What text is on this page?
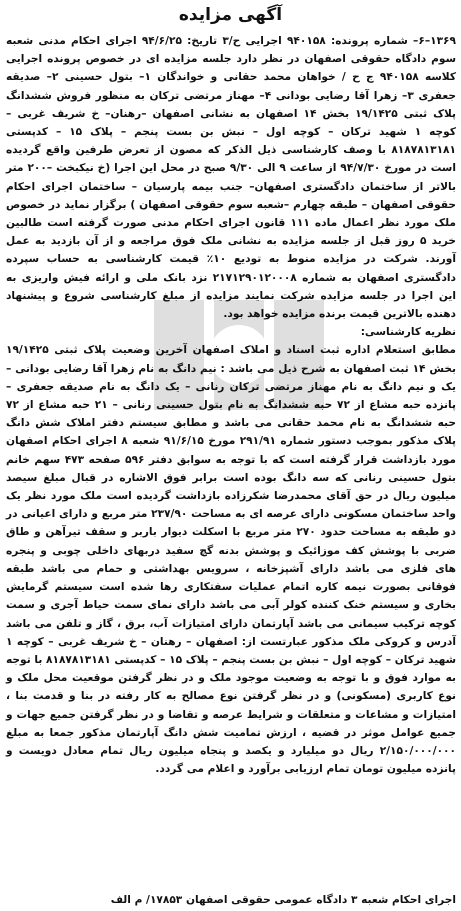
آگهی مزایده

۱۳۶۹–۶– شماره پرونده: ۹۴۰۱۵۸ اجرایی ح/۳ تاریخ: ۹۴/۶/۲۵ اجرای احکام مدنی شعبه سوم دادگاه حقوقی اصفهان در نظر دارد جلسه مزایده ای در خصوص پرونده اجرایی کلاسه ۹۴۰۱۵۸ ج ح / خواهان محمد حقانی و خواندگان ۱– بتول حسینی ۲– صدیقه جعفری ۳– زهرا آقا رضایی بودانی ۴– مهناز مرتضی ترکان به منظور فروش ششدانگ پلاک ثبتی ۱۹/۱۴۲۵ بخش ۱۴ اصفهان به نشانی اصفهان –رهنان– خ شریف غربی – کوچه ۱ شهید ترکان – کوچه اول – نبش بن بست پنجم – پلاک ۱۵ – کدپستی ۸۱۸۷۸۱۳۱۸۱ با وصف کارشناسی ذیل الذکر که مصون از تعرض طرفین واقع گردیده است در مورخ ۹۴/۷/۳۰ از ساعت ۹ الی ۹/۳۰ صبح در محل این اجرا (خ نیکبخت –۲۰۰ متر بالاتر از ساختمان دادگستری اصفهان– جنب بیمه پارسیان – ساختمان اجرای احکام حقوقی اصفهان – طبقه چهارم –شعبه سوم حقوقی اصفهان ) برگزار نماید در خصوص ملک مورد نظر اعمال ماده ۱۱۱ قانون اجرای احکام مدنی صورت گرفته است طالبین خرید ۵ روز قبل از جلسه مزایده به نشانی ملک فوق مراجعه و از آن بازدید به عمل آورند. شرکت در مزایده منوط به تودیع ۱۰٪ قیمت کارشناسی به حساب سپرده دادگستری اصفهان به شماره ۲۱۷۱۲۹۰۱۲۰۰۰۸ نزد بانک ملی و ارائه فیش واریزی به این اجرا در جلسه مزایده شرکت نمایند مزایده از مبلغ کارشناسی شروع و پیشنهاد دهنده بالاترین قیمت برنده مزایده خواهد بود.

نظریه کارشناسی:

مطابق استعلام اداره ثبت اسناد و املاک اصفهان آخرین وضعیت پلاک ثبتی ۱۹/۱۴۲۵ بخش ۱۴ ثبت اصفهان به شرح ذیل می باشد : نیم دانگ به نام زهرا آقا رضایی بودانی – یک و نیم دانگ به نام مهناز مرتضی ترکان رنانی – یک دانگ به نام صدیقه جعفری – پانزده حبه مشاع از ۷۲ حبه ششدانگ به نام بتول حسینی رنانی – ۲۱ حبه مشاع از ۷۲ حبه ششدانگ به نام محمد حقانی می باشد و مطابق سیستم دفتر املاک شش دانگ پلاک مذکور بموجب دستور شماره ۲۹۱/۹۱ مورخ ۹۱/۶/۱۵ شعبه ۸ اجرای احکام اصفهان مورد بازداشت قرار گرفته است که با توجه به سوابق دفتر ۵۹۶ صفحه ۴۷۳ سهم خانم بتول حسینی رنانی که سه دانگ بوده است برابر فوق الاشاره در قبال مبلغ سیصد میلیون ریال در حق آقای محمدرضا شکرزاده بازداشت گردیده است ملک مورد نظر یک واحد ساختمان مسکونی دارای عرصه ای به مساحت ۲۳۷/۹۰ متر مربع و دارای اعیانی در دو طبقه به مساحت حدود ۲۷۰ متر مربع با اسکلت دیوار باربر و سقف تیرآهن و طاق ضربی با پوشش کف موزائیک و پوشش بدنه گچ سفید دربهای داخلی چوبی و پنجره های فلزی می باشد دارای آشپزخانه ، سرویس بهداشتی و حمام می باشد طبقه فوقانی بصورت نیمه کاره اتمام عملیات سفتکاری رها شده است سیستم گرمایش بخاری و سیستم خنک کننده کولر آبی می باشد دارای نمای سمت حیاط آجری و سمت کوچه ترکیب سیمانی می باشد آپارتمان دارای امتیازات آب، برق ، گاز و تلفن می باشد آدرس و کروکی ملک مذکور عبارتست از: اصفهان – رهنان – خ شریف غربی – کوچه ۱ شهید ترکان – کوچه اول – نبش بن بست پنجم – پلاک ۱۵ – کدپستی ۸۱۸۷۸۱۳۱۸۱ با توجه به موارد فوق و با توجه به وضعیت موجود ملک و در نظر گرفتن موقعیت محل ملک و نوع کاربری (مسکونی) و در نظر گرفتن نوع مصالح به کار رفته در بنا و قدمت بنا ، امتیازات و مشاعات و متعلقات و شرایط عرصه و تقاضا و در نظر گرفتن جمیع جهات و جمیع عوامل موثر در قضیه ، ارزش تمامیت شش دانگ آپارتمان مذکور جمعا به مبلغ ۲/۱۵۰/۰۰۰/۰۰۰ ریال دو میلیارد و یکصد و پنجاه میلیون ریال تمام معادل دویست و پانزده میلیون تومان تمام ارزیابی برآورد و اعلام می گردد.

اجرای احکام شعبه ۳ دادگاه عمومی حقوقی اصفهان ۱۷۸۵۳/ م الف
